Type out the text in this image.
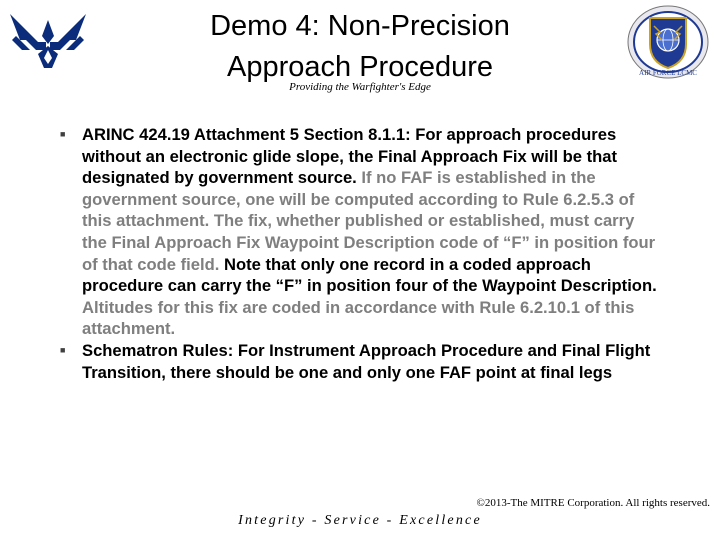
AIR FORCE LCMC
Demo 4: Non-Precision
Approach Procedure
Providing the Warfighter's Edge
■ ARINC 424.19 Attachment 5 Section 8.1.1: For approach procedures without an electronic glide slope, the Final Approach Fix will be that designated by government source. If no FAF is established in the government source, one will be computed according to Rule 6.2.5.3 of this attachment. The fix, whether published or established, must carry the Final Approach Fix Waypoint Description code of “F” in position four of that code field. Note that only one record in a coded approach procedure can carry the “F” in position four of the Waypoint Description. Altitudes for this fix are coded in accordance with Rule 6.2.10.1 of this attachment.
■ Schematron Rules: For Instrument Approach Procedure and Final Flight Transition, there should be one and only one FAF point at final legs
©2013-The MITRE Corporation. All rights reserved.
Integrity - Service - Excellence
